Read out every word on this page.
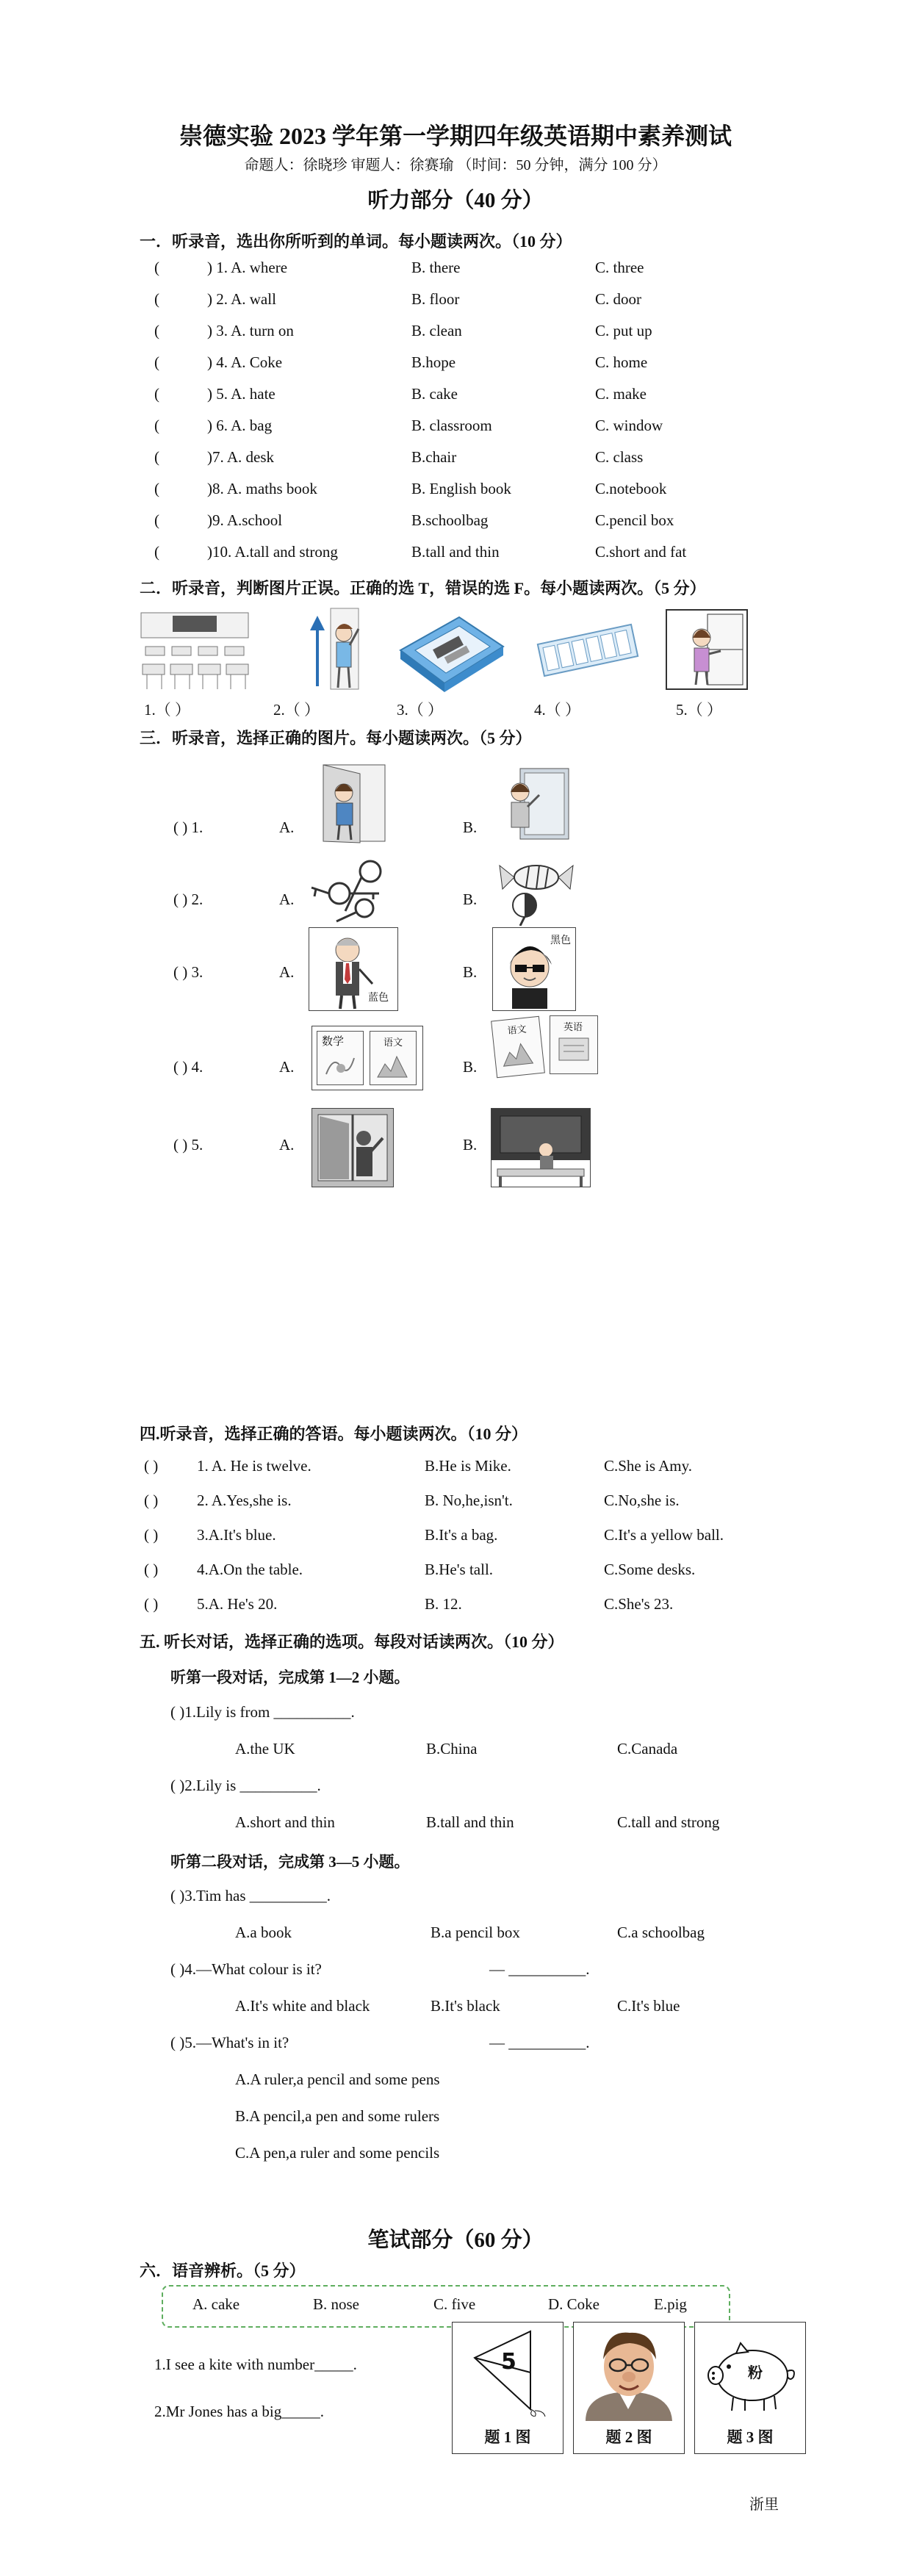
崇德实验 2023 学年第一学期四年级英语期中素养测试
命题人：徐晓珍 审题人：徐赛瑜 （时间：50 分钟，满分 100 分）
听力部分（40 分）
一．听录音，选出你所听到的单词。每小题读两次。（10 分）
(	) 1. A. where	B. there	C. three
(	) 2. A. wall	B. floor	C. door
(	) 3. A. turn on	B. clean	C. put up
(	) 4. A. Coke	B.hope	C. home
(	) 5. A. hate	B. cake	C. make
(	) 6. A. bag	B. classroom	C. window
(	)7. A. desk	B.chair	C. class
(	)8. A. maths book	B. English book	C.notebook
(	)9. A.school	B.schoolbag	C.pencil box
(	)10. A.tall and strong	B.tall and thin	C.short and fat
二．听录音，判断图片正误。正确的选 T，错误的选 F。每小题读两次。（5 分）
1.（ ）	2.（ ）	3.（ ）	4.（ ）	5.（ ）
三．听录音，选择正确的图片。每小题读两次。（5 分）
( ) 1.	A.	B.
( ) 2.	A.	B.
( ) 3.	A.	B.
蓝色
黑色
( ) 4.	A.	B.
数学	语文
语文	英语
( ) 5.	A.	B.
四.听录音，选择正确的答语。每小题读两次。（10 分）
( )	1. A. He is twelve.	B.He is Mike.	C.She is Amy.
( )	2. A.Yes,she is.	B. No,he,isn't.	C.No,she is.
( )	3.A.It's blue.	B.It's a bag.	C.It's a yellow ball.
( )	4.A.On the table.	B.He's tall.	C.Some desks.
( )	5.A. He's 20.	B. 12.	C.She's 23.
五. 听长对话，选择正确的选项。每段对话读两次。（10 分）
听第一段对话，完成第 1—2 小题。
( )1.Lily is from __________.
A.the UK	B.China	C.Canada
( )2.Lily is __________.
A.short and thin	B.tall and thin	C.tall and strong
听第二段对话，完成第 3—5 小题。
( )3.Tim has __________.
A.a book	B.a pencil box	C.a schoolbag
( )4.—What colour is it?	— __________.
A.It's white and black	B.It's black	C.It's blue
( )5.—What's in it?	— __________.
A.A ruler,a pencil and some pens
B.A pencil,a pen and some rulers
C.A pen,a ruler and some pencils
笔试部分（60 分）
六．语音辨析。（5 分）
A. cake	B. nose	C. five	D. Coke	E.pig
1.I see a kite with number_____.
2.Mr Jones has a big_____.
5
题 1 图	题 2 图
粉
题 3 图
浙里
